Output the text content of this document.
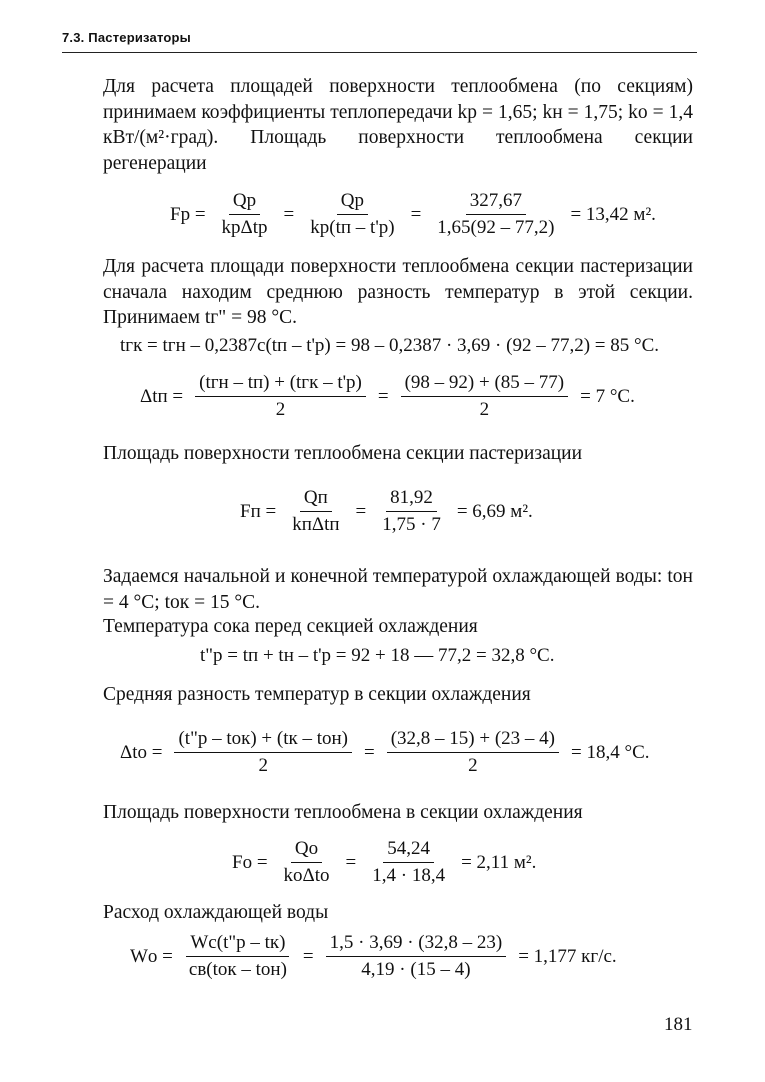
7.3. Пастеризаторы
Для расчета площадей поверхности теплообмена (по секциям) принимаем коэффициенты теплопередачи kр = 1,65; kн = 1,75; kо = 1,4 кВт/(м²·град). Площадь поверхности теплообмена секции регенерации
Fр = $\frac{Qр}{\text{kрΔtр}} = \frac{Qр}{kр(tп - t'р)} = \frac{327,67}{1,65(92 - 77,2)} = 13,42$ м².
Для расчета площади поверхности теплообмена секции пастеризации сначала находим среднюю разность температур в этой секции. Принимаем tг" = 98 °С.
tгк = tгн – 0,2387c(tп – t'р) = 98 – 0,2387 · 3,69 · (92 – 77,2) = 85 °С.
$\Delta tп = \frac{\text{(tгн – tп) + (tгк – t'р)}}{2} = \frac{(98 - 92) + (85 - 77)}{2} = 7$ °С.
Площадь поверхности теплообмена секции пастеризации
Fп = $\frac{Qп}{\text{kпΔtп}} = \frac{81,92}{1,75 \cdot 7} = 6,69$ м².
Задаемся начальной и конечной температурой охлаждающей воды: tон = 4 °С; tок = 15 °С.
Температура сока перед секцией охлаждения
t"р = tп + tн – t'р = 92 + 18 — 77,2 = 32,8 °С.
Средняя разность температур в секции охлаждения
$\Delta tо = \frac{\text{(t"р – tок) + (tк – tон)}}{2} = \frac{(32,8 - 15) + (23 - 4)}{2} = 18,4$ °С.
Площадь поверхности теплообмена в секции охлаждения
Fо = $\frac{Qо}{\text{kоΔtо}} = \frac{54,24}{1,4 \cdot 18,4} = 2,11$ м².
Расход охлаждающей воды
Wо = $\frac{Wc(t"р - tк)}{\text{cв(tок – tон)}} = \frac{1,5 \cdot 3,69 \cdot (32,8 - 23)}{4,19 \cdot (15 - 4)} = 1,177$ кг/с.
181
